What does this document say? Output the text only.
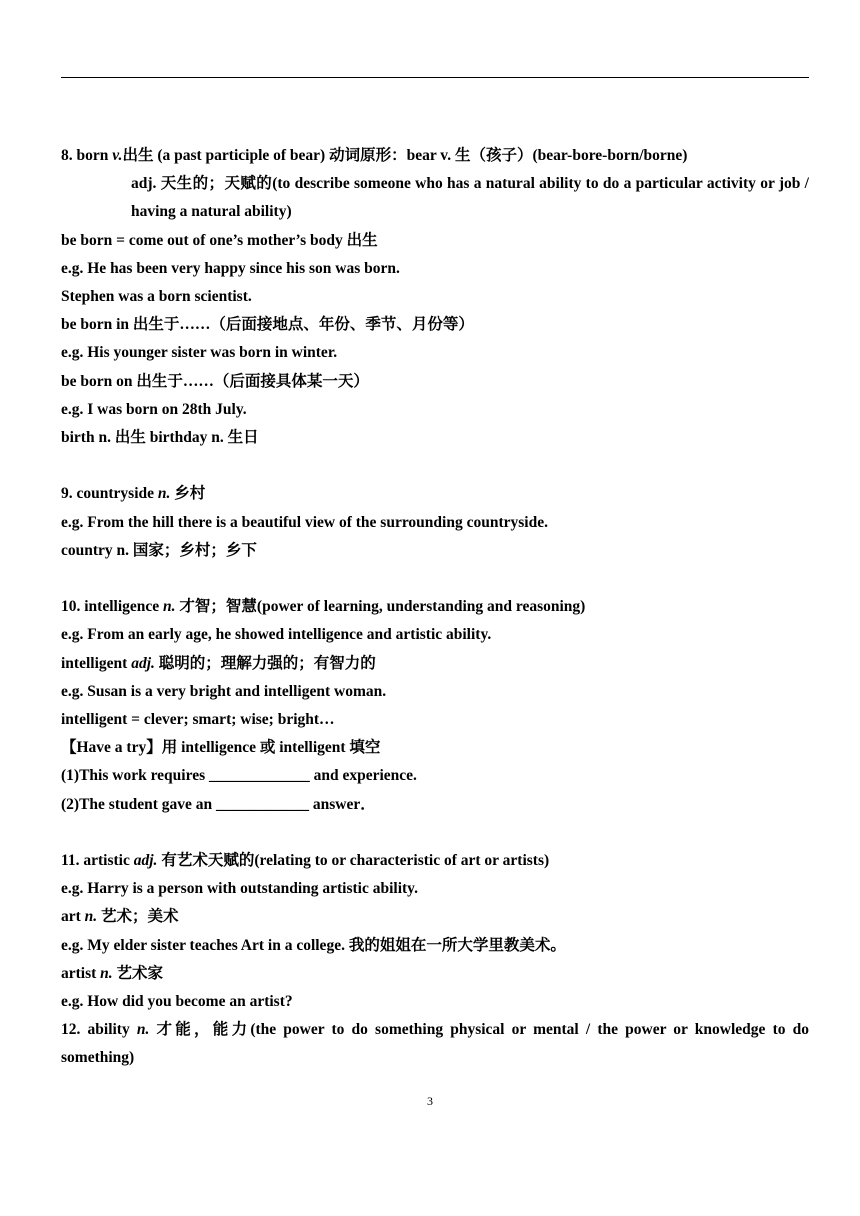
8. born v.出生 (a past participle of bear) 动词原形：bear v. 生（孩子）(bear-bore-born/borne)
adj. 天生的；天赋的(to describe someone who has a natural ability to do a particular activity or job / having a natural ability)
be born = come out of one’s mother’s body 出生
e.g. He has been very happy since his son was born.
Stephen was a born scientist.
be born in 出生于……（后面接地点、年份、季节、月份等）
e.g. His younger sister was born in winter.
be born on 出生于……（后面接具体某一天）
e.g. I was born on 28th July.
birth n. 出生 birthday n. 生日
9. countryside n. 乡村
e.g. From the hill there is a beautiful view of the surrounding countryside.
country n. 国家；乡村；乡下
10. intelligence n. 才智；智慧(power of learning, understanding and reasoning)
e.g. From an early age, he showed intelligence and artistic ability.
intelligent adj. 聪明的；理解力强的；有智力的
e.g. Susan is a very bright and intelligent woman.
intelligent = clever; smart; wise; bright…
【Have a try】用 intelligence 或 intelligent 填空
(1)This work requires _____________ and experience.
(2)The student gave an ____________ answer．
11. artistic adj. 有艺术天赋的(relating to or characteristic of art or artists)
e.g. Harry is a person with outstanding artistic ability.
art n. 艺术；美术
e.g. My elder sister teaches Art in a college. 我的姐姐在一所大学里教美术。
artist n. 艺术家
e.g. How did you become an artist?
12. ability n. 才能，能力(the power to do something physical or mental / the power or knowledge to do something)
3
